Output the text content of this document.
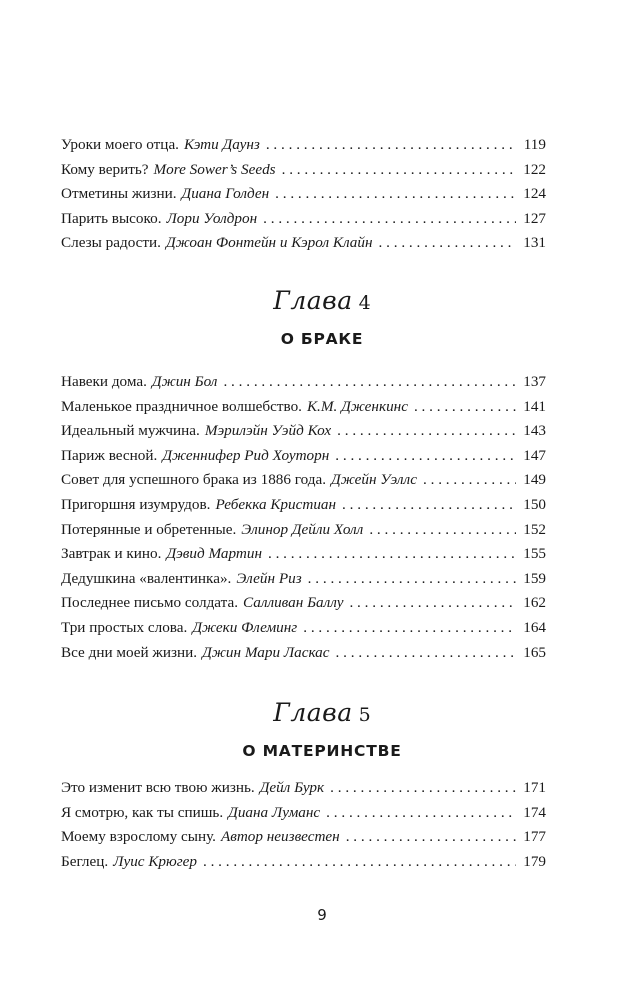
Уроки моего отца. Кэти Даунз . . .	119
Кому верить? More Sower’s Seeds . . .	122
Отметины жизни. Диана Голден . . .	124
Парить высоко. Лори Уолдрон . . .	127
Слезы радости. Джоан Фонтейн и Кэрол Клайн . . .	131
Глава 4
О БРАКЕ
Навеки дома. Джин Бол . . .	137
Маленькое праздничное волшебство. К.М. Дженкинс . . .	141
Идеальный мужчина. Мэрилэйн Уэйд Кох . . .	143
Париж весной. Дженнифер Рид Хоуторн . . .	147
Совет для успешного брака из 1886 года. Джейн Уэллс . . .	149
Пригоршня изумрудов. Ребекка Кристиан . . .	150
Потерянные и обретенные. Элинор Дейли Холл . . .	152
Завтрак и кино. Дэвид Мартин . . .	155
Дедушкина «валентинка». Элейн Риз . . .	159
Последнее письмо солдата. Салливан Баллу . . .	162
Три простых слова. Джеки Флеминг . . .	164
Все дни моей жизни. Джин Мари Ласкас . . .	165
Глава 5
О МАТЕРИНСТВЕ
Это изменит всю твою жизнь. Дейл Бурк . . .	171
Я смотрю, как ты спишь. Диана Луманс . . .	174
Моему взрослому сыну. Автор неизвестен . . .	177
Беглец. Луис Крюгер . . .	179
9
